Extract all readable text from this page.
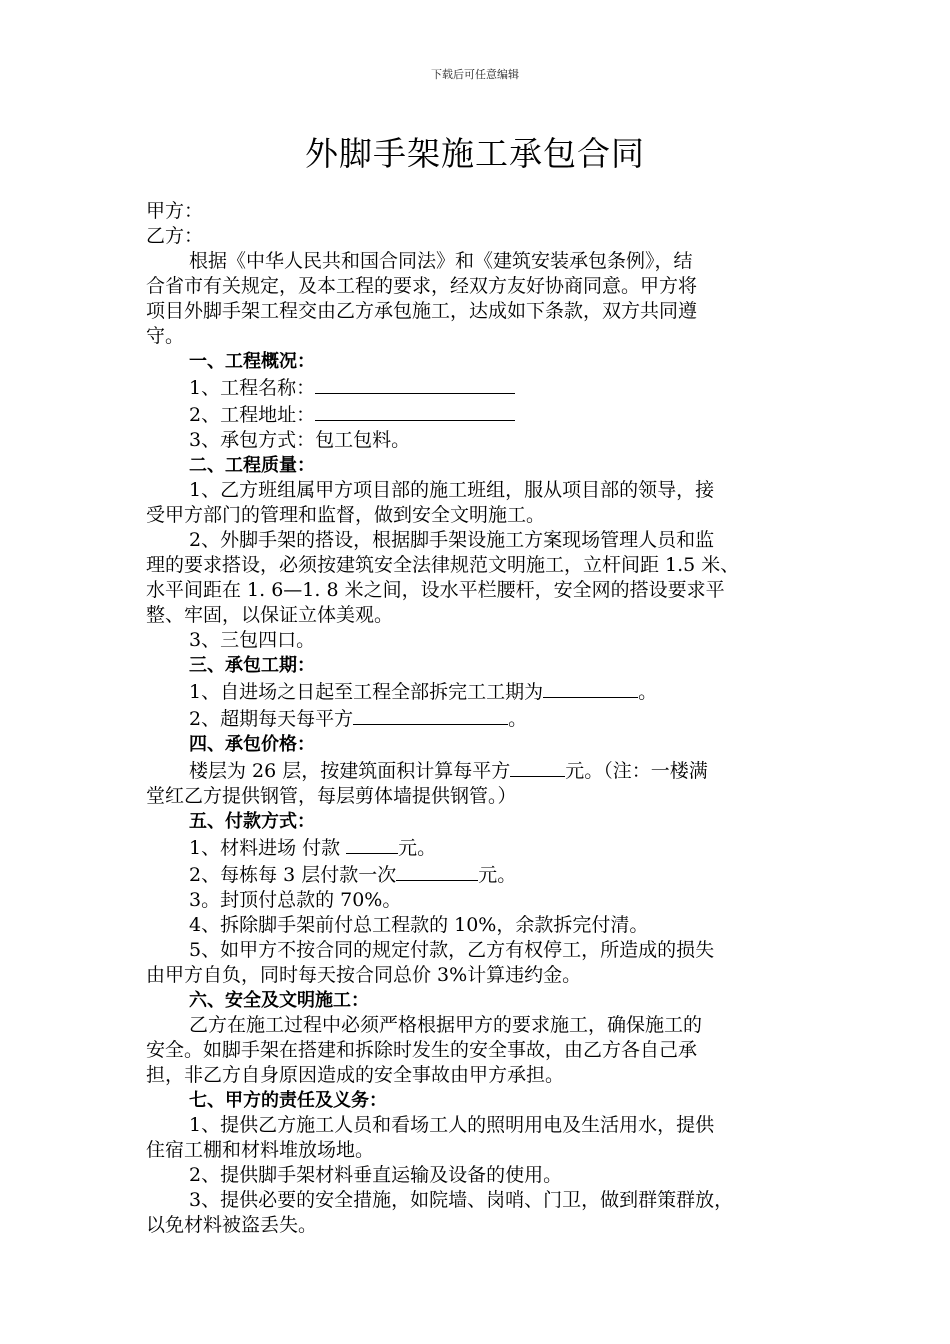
下载后可任意编辑
外脚手架施工承包合同
甲方：
乙方：
根据《中华人民共和国合同法》和《建筑安装承包条例》，结
合省市有关规定，及本工程的要求，经双方友好协商同意。甲方将
项目外脚手架工程交由乙方承包施工，达成如下条款，双方共同遵
守。
一、工程概况：
1、工程名称：
2、工程地址：
3、承包方式：包工包料。
二、工程质量：
1、乙方班组属甲方项目部的施工班组，服从项目部的领导，接
受甲方部门的管理和监督，做到安全文明施工。
2、外脚手架的搭设，根据脚手架设施工方案现场管理人员和监
理的要求搭设，必须按建筑安全法律规范文明施工，立杆间距 1.5 米、
水平间距在 1. 6—1. 8 米之间，设水平栏腰杆，安全网的搭设要求平
整、牢固，以保证立体美观。
3、三包四口。
三、承包工期：
1、自进场之日起至工程全部拆完工工期为	。
2、超期每天每平方	。
四、承包价格：
楼层为 26 层，按建筑面积计算每平方	元。（注：一楼满
堂红乙方提供钢管，每层剪体墙提供钢管。）
五、付款方式：
1、材料进场 付款	元。
2、每栋每 3 层付款一次	元。
3。封顶付总款的 70%。
4、拆除脚手架前付总工程款的 10%，余款拆完付清。
5、如甲方不按合同的规定付款，乙方有权停工，所造成的损失
由甲方自负，同时每天按合同总价 3%计算违约金。
六、安全及文明施工：
乙方在施工过程中必须严格根据甲方的要求施工，确保施工的
安全。如脚手架在搭建和拆除时发生的安全事故，由乙方各自己承
担，非乙方自身原因造成的安全事故由甲方承担。
七、甲方的责任及义务：
1、提供乙方施工人员和看场工人的照明用电及生活用水，提供
住宿工棚和材料堆放场地。
2、提供脚手架材料垂直运输及设备的使用。
3、提供必要的安全措施，如院墙、岗哨、门卫，做到群策群放，
以免材料被盗丢失。
